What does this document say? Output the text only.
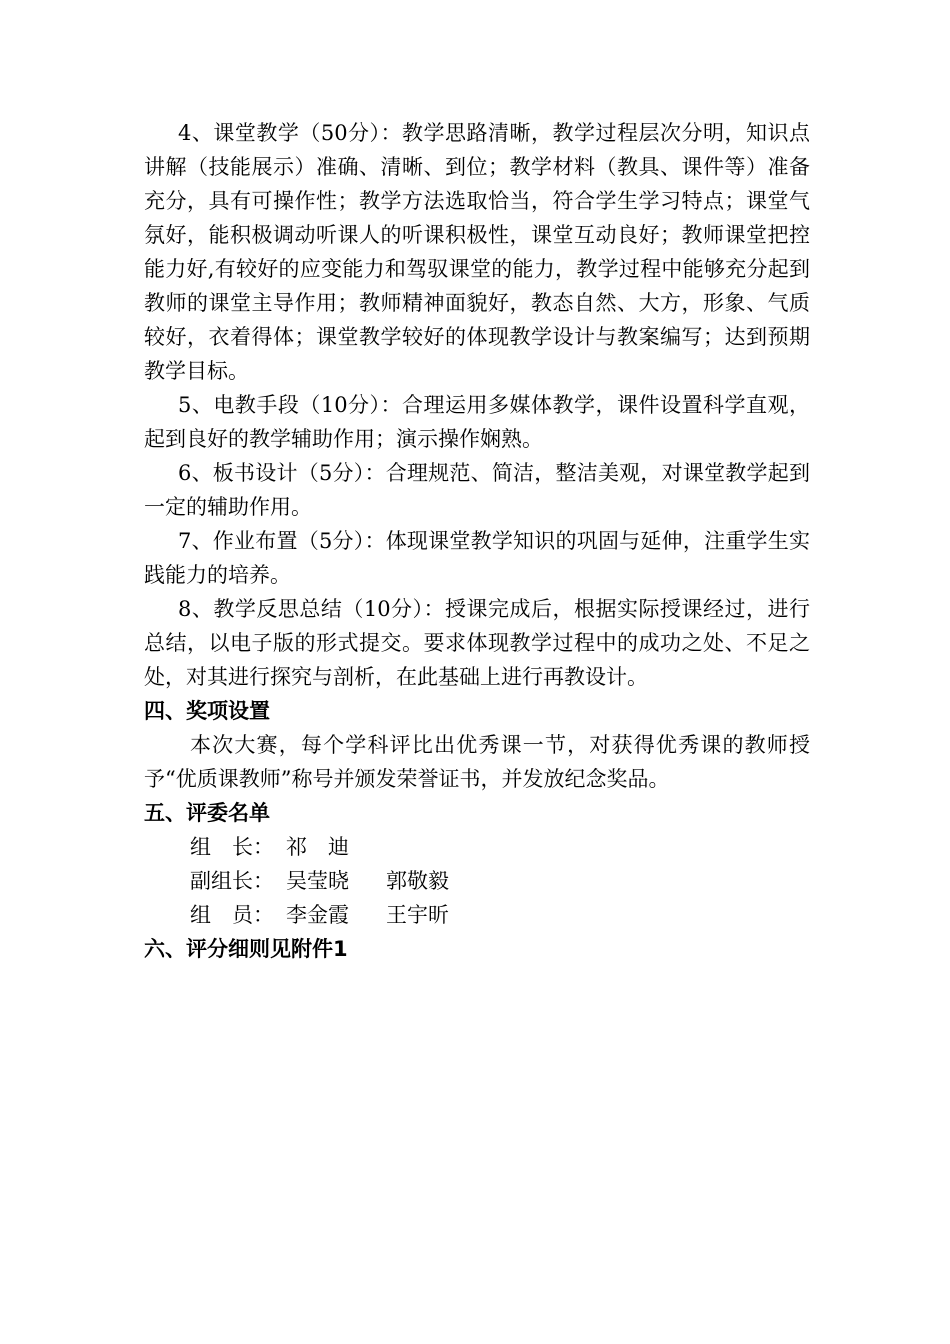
4、课堂教学（50分）：教学思路清晰，教学过程层次分明，知识点讲解（技能展示）准确、清晰、到位；教学材料（教具、课件等）准备充分，具有可操作性；教学方法选取恰当，符合学生学习特点；课堂气氛好，能积极调动听课人的听课积极性，课堂互动良好；教师课堂把控能力好,有较好的应变能力和驾驭课堂的能力，教学过程中能够充分起到教师的课堂主导作用；教师精神面貌好，教态自然、大方，形象、气质较好，衣着得体；课堂教学较好的体现教学设计与教案编写；达到预期教学目标。

5、电教手段（10分）：合理运用多媒体教学，课件设置科学直观，起到良好的教学辅助作用；演示操作娴熟。

6、板书设计（5分）：合理规范、简洁，整洁美观，对课堂教学起到一定的辅助作用。

7、作业布置（5分）：体现课堂教学知识的巩固与延伸，注重学生实践能力的培养。

8、教学反思总结（10分）：授课完成后，根据实际授课经过，进行总结，以电子版的形式提交。要求体现教学过程中的成功之处、不足之处，对其进行探究与剖析，在此基础上进行再教设计。

四、奖项设置

本次大赛，每个学科评比出优秀课一节，对获得优秀课的教师授予“优质课教师”称号并颁发荣誉证书，并发放纪念奖品。

五、评委名单

组　长： 祁　迪

副组长： 吴莹晓 郭敬毅

组　员： 李金霞 王宇昕

六、评分细则见附件1
